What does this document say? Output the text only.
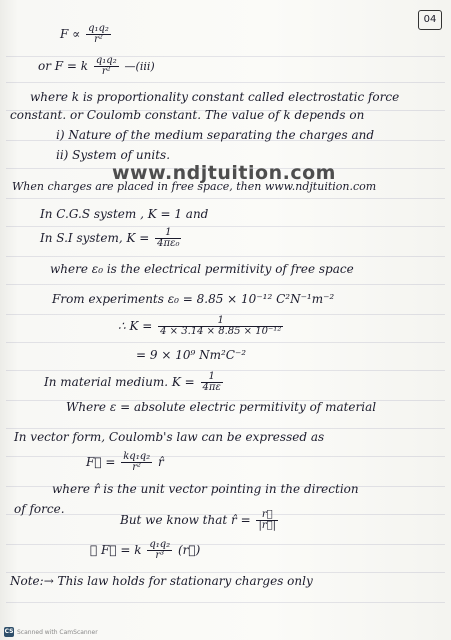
04
$F \propto \frac{\text{q₁q₂}}{\text{r²}}$
or F = k $\frac{\text{q₁q₂}}{\text{r²}}$ —(iii)
where k is proportionality constant called electrostatic force
constant. or Coulomb constant. The value of k depends on
i) Nature of the medium separating the charges and
ii) System of units.
www.ndjtuition.com
When charges are placed in free space, then www.ndjtuition.com
In C.G.S system , K = 1 and
In S.I system, $K = \frac{1}{\text{4πε₀}}$
where ε₀ is the electrical permitivity of free space
From experiments ε₀ = 8.85 × 10⁻¹² C²N⁻¹m⁻²
∴ $K = \frac{1}{\text{4 × 3.14 × 8.85 × 10⁻¹²}}$
= 9 × 10⁹ Nm²C⁻²
In material medium. $K = \frac{1}{4\pi\varepsilon}$
Where ε = absolute electric permitivity of material
In vector form, Coulomb's law can be expressed as
F⃗ = $\frac{\text{kq₁q₂}}{\text{r²}}$ r̂
where r̂ is the unit vector pointing in the direction
of force.
But we know that r̂ = $\frac{r⃗}{|r⃗|}$
∴ F⃗ = k $\frac{\text{q₁q₂}}{\text{r³}}$ (r⃗)
Note:→ This law holds for stationary charges only
CS Scanned with CamScanner
